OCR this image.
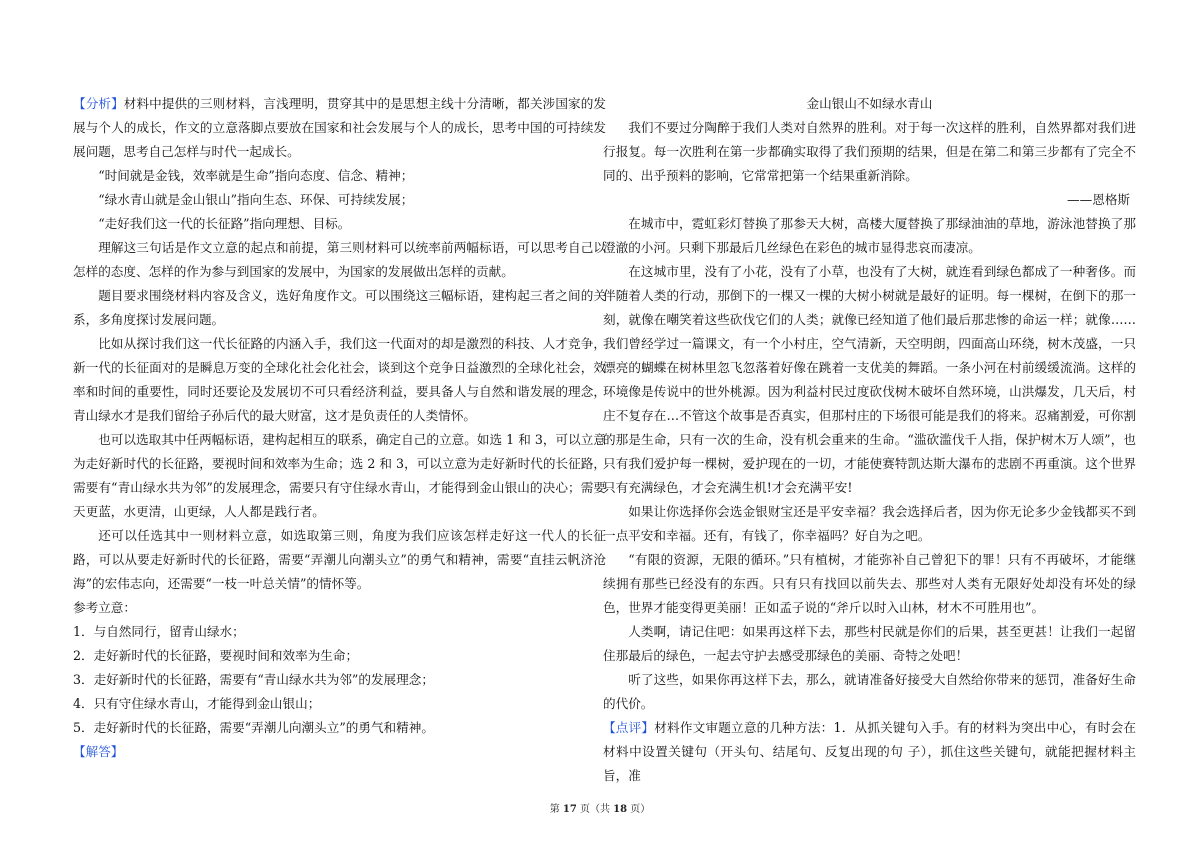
【分析】材料中提供的三则材料，言浅理明，贯穿其中的是思想主线十分清晰，都关涉国家的发展与个人的成长，作文的立意落脚点要放在国家和社会发展与个人的成长，思考中国的可持续发展问题，思考自己怎样与时代一起成长。

“时间就是金钱，效率就是生命”指向态度、信念、精神；

“绿水青山就是金山银山”指向生态、环保、可持续发展；

“走好我们这一代的长征路”指向理想、目标。

理解这三句话是作文立意的起点和前提，第三则材料可以统率前两幅标语，可以思考自己以怎样的态度、怎样的作为参与到国家的发展中，为国家的发展做出怎样的贡献。

题目要求围绕材料内容及含义，选好角度作文。可以围绕这三幅标语，建构起三者之间的关系，多角度探讨发展问题。

比如从探讨我们这一代长征路的内涵入手，我们这一代面对的却是激烈的科技、人才竞争，新一代的长征面对的是瞬息万变的全球化社会化社会，谈到这个竞争日益激烈的全球化社会，效率和时间的重要性，同时还要论及发展切不可只看经济利益，要具备人与自然和谐发展的理念，青山绿水才是我们留给子孙后代的最大财富，这才是负责任的人类情怀。

也可以选取其中任两幅标语，建构起相互的联系，确定自己的立意。如选 1 和 3，可以立意为走好新时代的长征路，要视时间和效率为生命；选 2 和 3，可以立意为走好新时代的长征路，需要有“青山绿水共为邻”的发展理念，需要只有守住绿水青山，才能得到金山银山的决心；需要天更蓝，水更清，山更绿，人人都是践行者。

还可以任选其中一则材料立意，如选取第三则，角度为我们应该怎样走好这一代人的长征路，可以从要走好新时代的长征路，需要“弄潮儿向潮头立”的勇气和精神，需要“直挂云帆济沧海”的宏伟志向，还需要“一枝一叶总关情”的情怀等。

参考立意：

1．与自然同行，留青山绿水；

2．走好新时代的长征路，要视时间和效率为生命；

3．走好新时代的长征路，需要有“青山绿水共为邻”的发展理念；

4．只有守住绿水青山，才能得到金山银山；

5．走好新时代的长征路，需要“弄潮儿向潮头立”的勇气和精神。

【解答】

金山银山不如绿水青山

我们不要过分陶醉于我们人类对自然界的胜利。对于每一次这样的胜利，自然界都对我们进行报复。每一次胜利在第一步都确实取得了我们预期的结果，但是在第二和第三步都有了完全不同的、出乎预料的影响，它常常把第一个结果重新消除。

——恩格斯

在城市中，霓虹彩灯替换了那参天大树，高楼大厦替换了那绿油油的草地，游泳池替换了那澄澈的小河。只剩下那最后几丝绿色在彩色的城市显得悲哀而凄凉。

在这城市里，没有了小花，没有了小草，也没有了大树，就连看到绿色都成了一种奢侈。而伴随着人类的行动，那倒下的一棵又一棵的大树小树就是最好的证明。每一棵树，在倒下的那一刻，就像在嘲笑着这些砍伐它们的人类；就像已经知道了他们最后那悲惨的命运一样；就像……我们曾经学过一篇课文，有一个小村庄，空气清新，天空明朗，四面高山环绕，树木茂盛，一只漂亮的蝴蝶在树林里忽飞忽落着好像在跳着一支优美的舞蹈。一条小河在村前缓缓流淌。这样的环境像是传说中的世外桃源。因为利益村民过度砍伐树木破坏自然环境，山洪爆发，几天后，村庄不复存在…不管这个故事是否真实，但那村庄的下场很可能是我们的将来。忍痛割爱，可你割的那是生命，只有一次的生命，没有机会重来的生命。“滥砍滥伐千人指，保护树木万人颂”，也只有我们爱护每一棵树，爱护现在的一切，才能使赛特凯达斯大瀑布的悲剧不再重演。这个世界只有充满绿色，才会充满生机!才会充满平安!

如果让你选择你会选金银财宝还是平安幸福？我会选择后者，因为你无论多少金钱都买不到一点平安和幸福。还有，有钱了，你幸福吗？好自为之吧。

“有限的资源，无限的循环。”只有植树，才能弥补自己曾犯下的罪！只有不再破坏，才能继续拥有那些已经没有的东西。只有只有找回以前失去、那些对人类有无限好处却没有坏处的绿色，世界才能变得更美丽！正如孟子说的“斧斤以时入山林，材木不可胜用也”。

人类啊，请记住吧：如果再这样下去，那些村民就是你们的后果，甚至更甚！让我们一起留住那最后的绿色，一起去守护去感受那绿色的美丽、奇特之处吧！

听了这些，如果你再这样下去，那么，就请准备好接受大自然给你带来的惩罚，准备好生命的代价。

【点评】材料作文审题立意的几种方法：1．从抓关键句入手。有的材料为突出中心，有时会在材料中设置关键句（开头句、结尾句、反复出现的句 子），抓住这些关键句，就能把握材料主旨，准

第 17 页（共 18 页）
